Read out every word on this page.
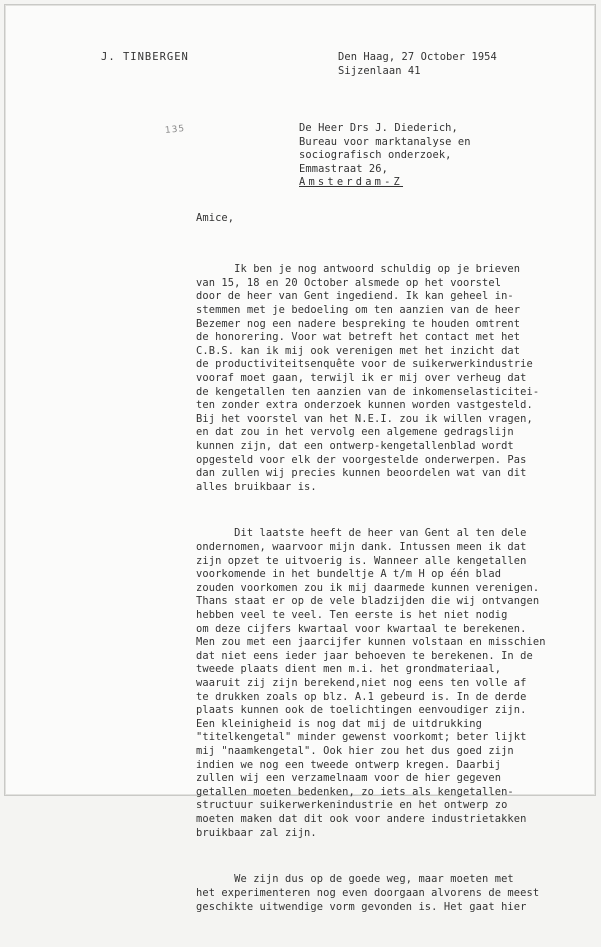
J. TINBERGEN	Den Haag, 27 October 1954
Sijzenlaan 41
135	De Heer Drs J. Diederich,
Bureau voor marktanalyse en
sociografisch onderzoek,
Emmastraat 26,
Amsterdam-Z
Amice,

Ik ben je nog antwoord schuldig op je brieven
van 15, 18 en 20 October alsmede op het voorstel
door de heer van Gent ingediend. Ik kan geheel in-
stemmen met je bedoeling om ten aanzien van de heer
Bezemer nog een nadere bespreking te houden omtrent
de honorering. Voor wat betreft het contact met het
C.B.S. kan ik mij ook verenigen met het inzicht dat
de productiviteitsenquête voor de suikerwerkindustrie
vooraf moet gaan, terwijl ik er mij over verheug dat
de kengetallen ten aanzien van de inkomenselasticitei-
ten zonder extra onderzoek kunnen worden vastgesteld.
Bij het voorstel van het N.E.I. zou ik willen vragen,
en dat zou in het vervolg een algemene gedragslijn
kunnen zijn, dat een ontwerp-kengetallenblad wordt
opgesteld voor elk der voorgestelde onderwerpen. Pas
dan zullen wij precies kunnen beoordelen wat van dit
alles bruikbaar is.

Dit laatste heeft de heer van Gent al ten dele
ondernomen, waarvoor mijn dank. Intussen meen ik dat
zijn opzet te uitvoerig is. Wanneer alle kengetallen
voorkomende in het bundeltje A t/m H op één blad
zouden voorkomen zou ik mij daarmede kunnen verenigen.
Thans staat er op de vele bladzijden die wij ontvangen
hebben veel te veel. Ten eerste is het niet nodig
om deze cijfers kwartaal voor kwartaal te berekenen.
Men zou met een jaarcijfer kunnen volstaan en misschien
dat niet eens ieder jaar behoeven te berekenen. In de
tweede plaats dient men m.i. het grondmateriaal,
waaruit zij zijn berekend,niet nog eens ten volle af
te drukken zoals op blz. A.1 gebeurd is. In de derde
plaats kunnen ook de toelichtingen eenvoudiger zijn.
Een kleinigheid is nog dat mij de uitdrukking
"titelkengetal" minder gewenst voorkomt; beter lijkt
mij "naamkengetal". Ook hier zou het dus goed zijn
indien we nog een tweede ontwerp kregen. Daarbij
zullen wij een verzamelnaam voor de hier gegeven
getallen moeten bedenken, zo iets als kengetallen-
structuur suikerwerkenindustrie en het ontwerp zo
moeten maken dat dit ook voor andere industrietakken
bruikbaar zal zijn.

We zijn dus op de goede weg, maar moeten met
het experimenteren nog even doorgaan alvorens de meest
geschikte uitwendige vorm gevonden is. Het gaat hier
